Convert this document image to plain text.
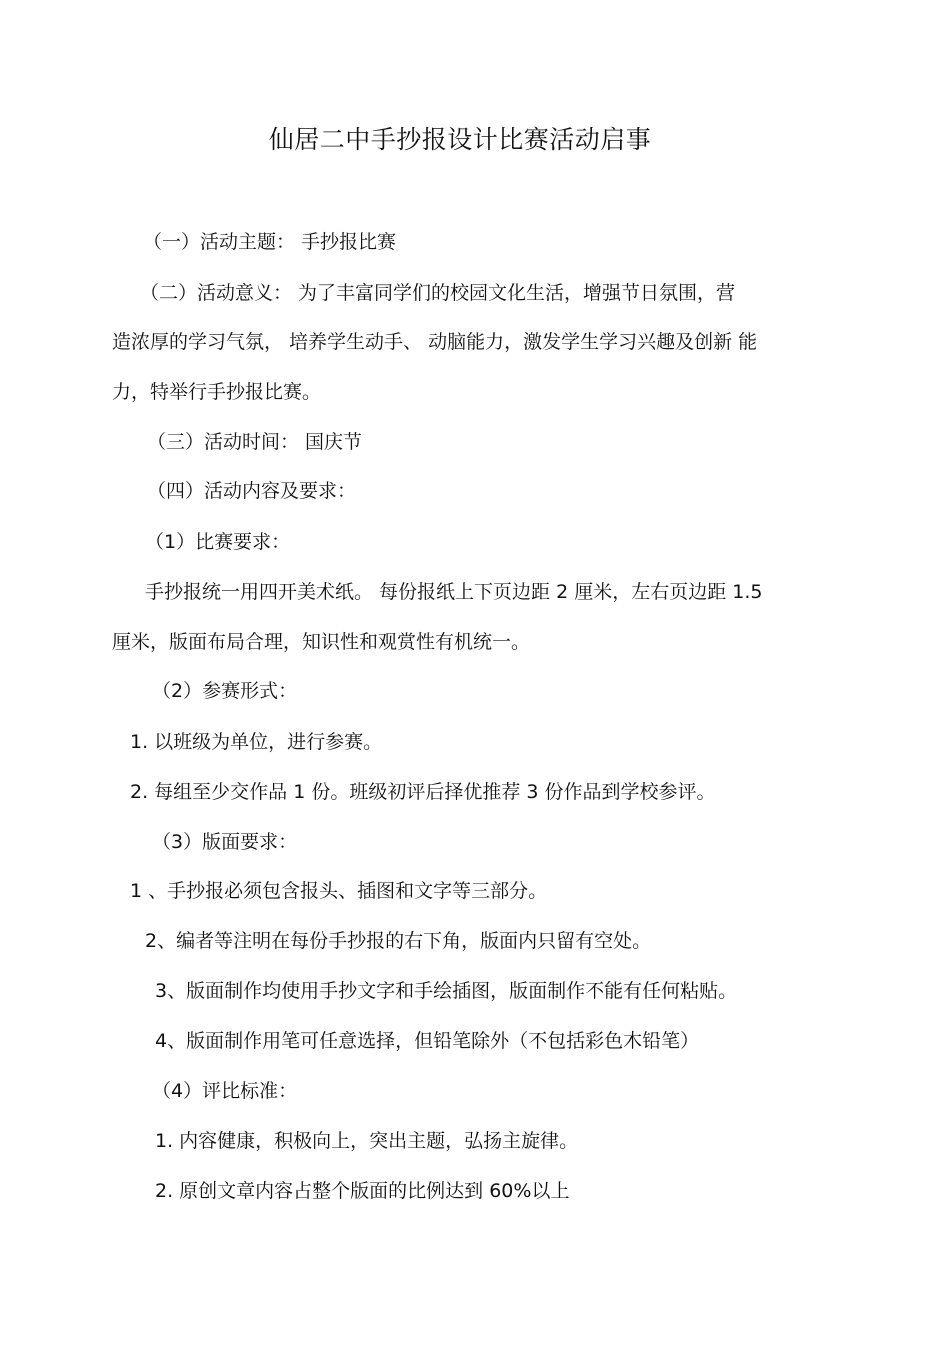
仙居二中手抄报设计比赛活动启事
（一）活动主题： 手抄报比赛
（二）活动意义： 为了丰富同学们的校园文化生活，增强节日氛围，营
造浓厚的学习气氛， 培养学生动手、 动脑能力，激发学生学习兴趣及创新 能
力，特举行手抄报比赛。
（三）活动时间： 国庆节
（四）活动内容及要求：
（1）比赛要求：
手抄报统一用四开美术纸。 每份报纸上下页边距 2 厘米，左右页边距 1.5
厘米，版面布局合理，知识性和观赏性有机统一。
（2）参赛形式：
1. 以班级为单位，进行参赛。
2. 每组至少交作品 1 份。班级初评后择优推荐 3 份作品到学校参评。
（3）版面要求：
1 、手抄报必须包含报头、插图和文字等三部分。
2、编者等注明在每份手抄报的右下角，版面内只留有空处。
3、版面制作均使用手抄文字和手绘插图，版面制作不能有任何粘贴。
4、版面制作用笔可任意选择，但铅笔除外（不包括彩色木铅笔）
（4）评比标准：
1. 内容健康，积极向上，突出主题，弘扬主旋律。
2. 原创文章内容占整个版面的比例达到 60%以上
